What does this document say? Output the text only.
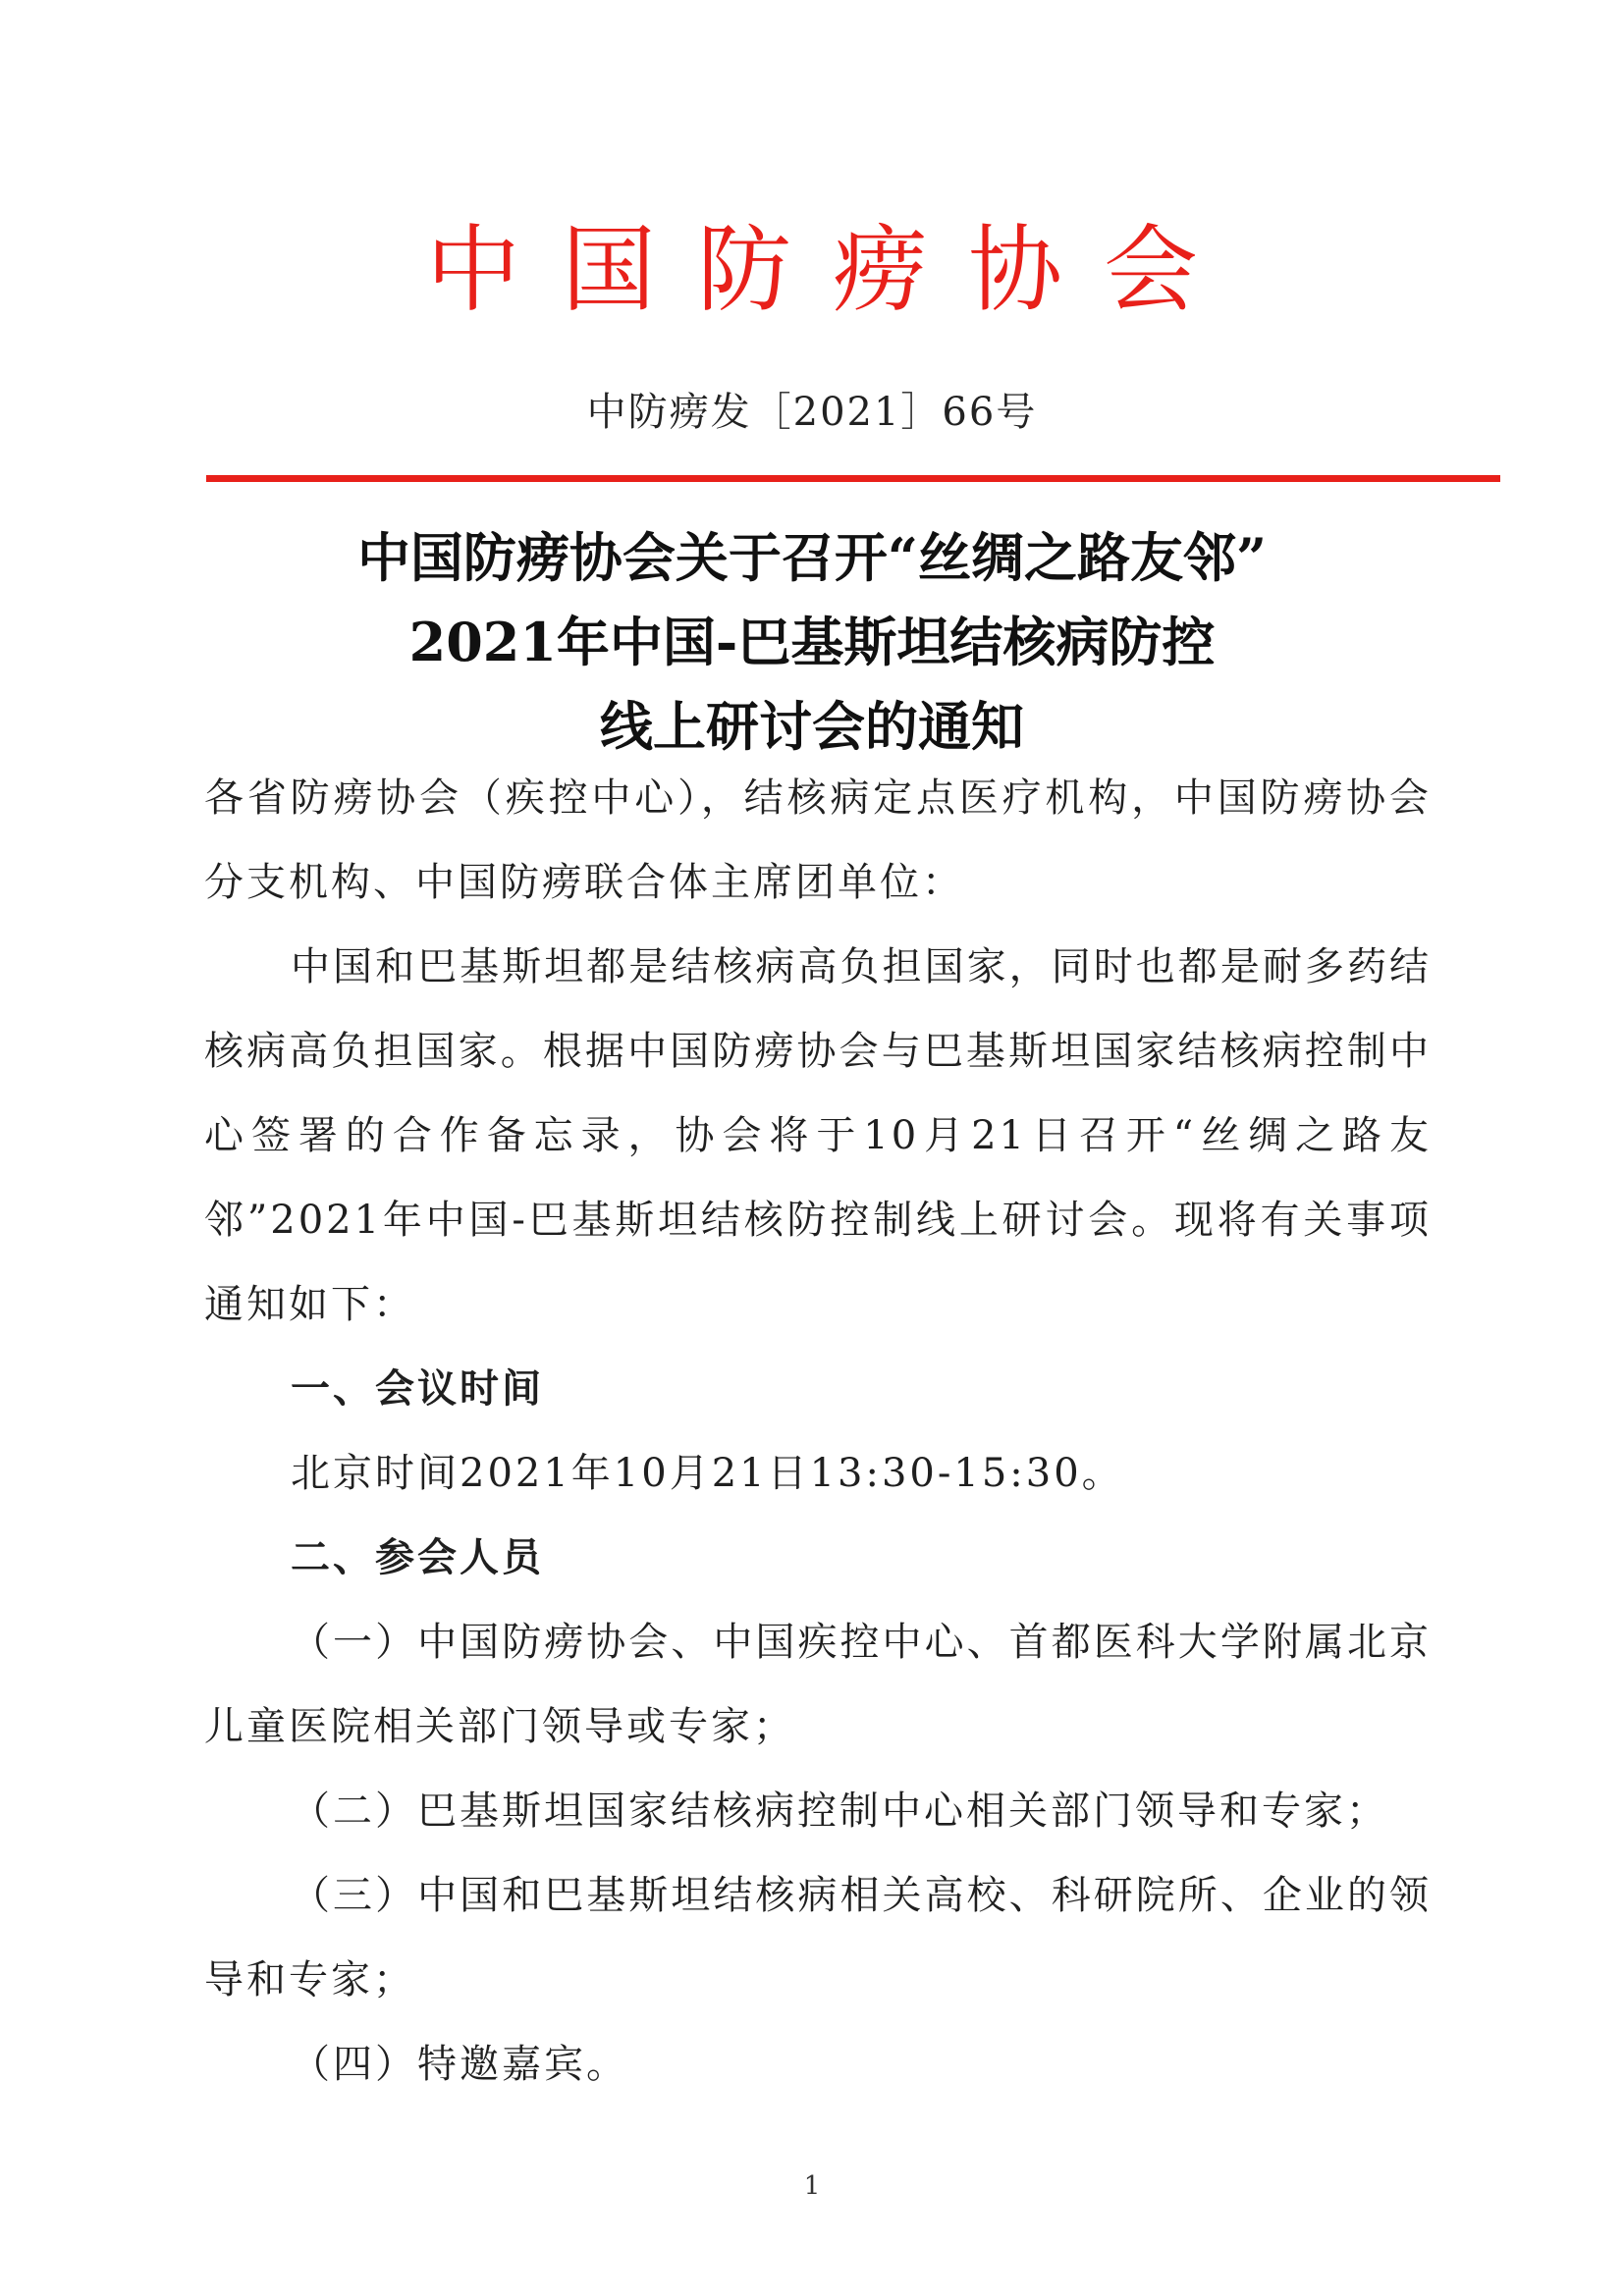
中国防痨协会
中防痨发［2021］66号
中国防痨协会关于召开“丝绸之路友邻”
2021年中国-巴基斯坦结核病防控
线上研讨会的通知

各省防痨协会（疾控中心），结核病定点医疗机构，中国防痨协会分支机构、中国防痨联合体主席团单位：

中国和巴基斯坦都是结核病高负担国家，同时也都是耐多药结核病高负担国家。根据中国防痨协会与巴基斯坦国家结核病控制中心签署的合作备忘录，协会将于10月21日召开“丝绸之路友邻”2021年中国-巴基斯坦结核防控制线上研讨会。现将有关事项通知如下：

一、会议时间

北京时间2021年10月21日13:30-15:30。

二、参会人员

（一）中国防痨协会、中国疾控中心、首都医科大学附属北京儿童医院相关部门领导或专家；

（二）巴基斯坦国家结核病控制中心相关部门领导和专家；

（三）中国和巴基斯坦结核病相关高校、科研院所、企业的领导和专家；

（四）特邀嘉宾。

1
